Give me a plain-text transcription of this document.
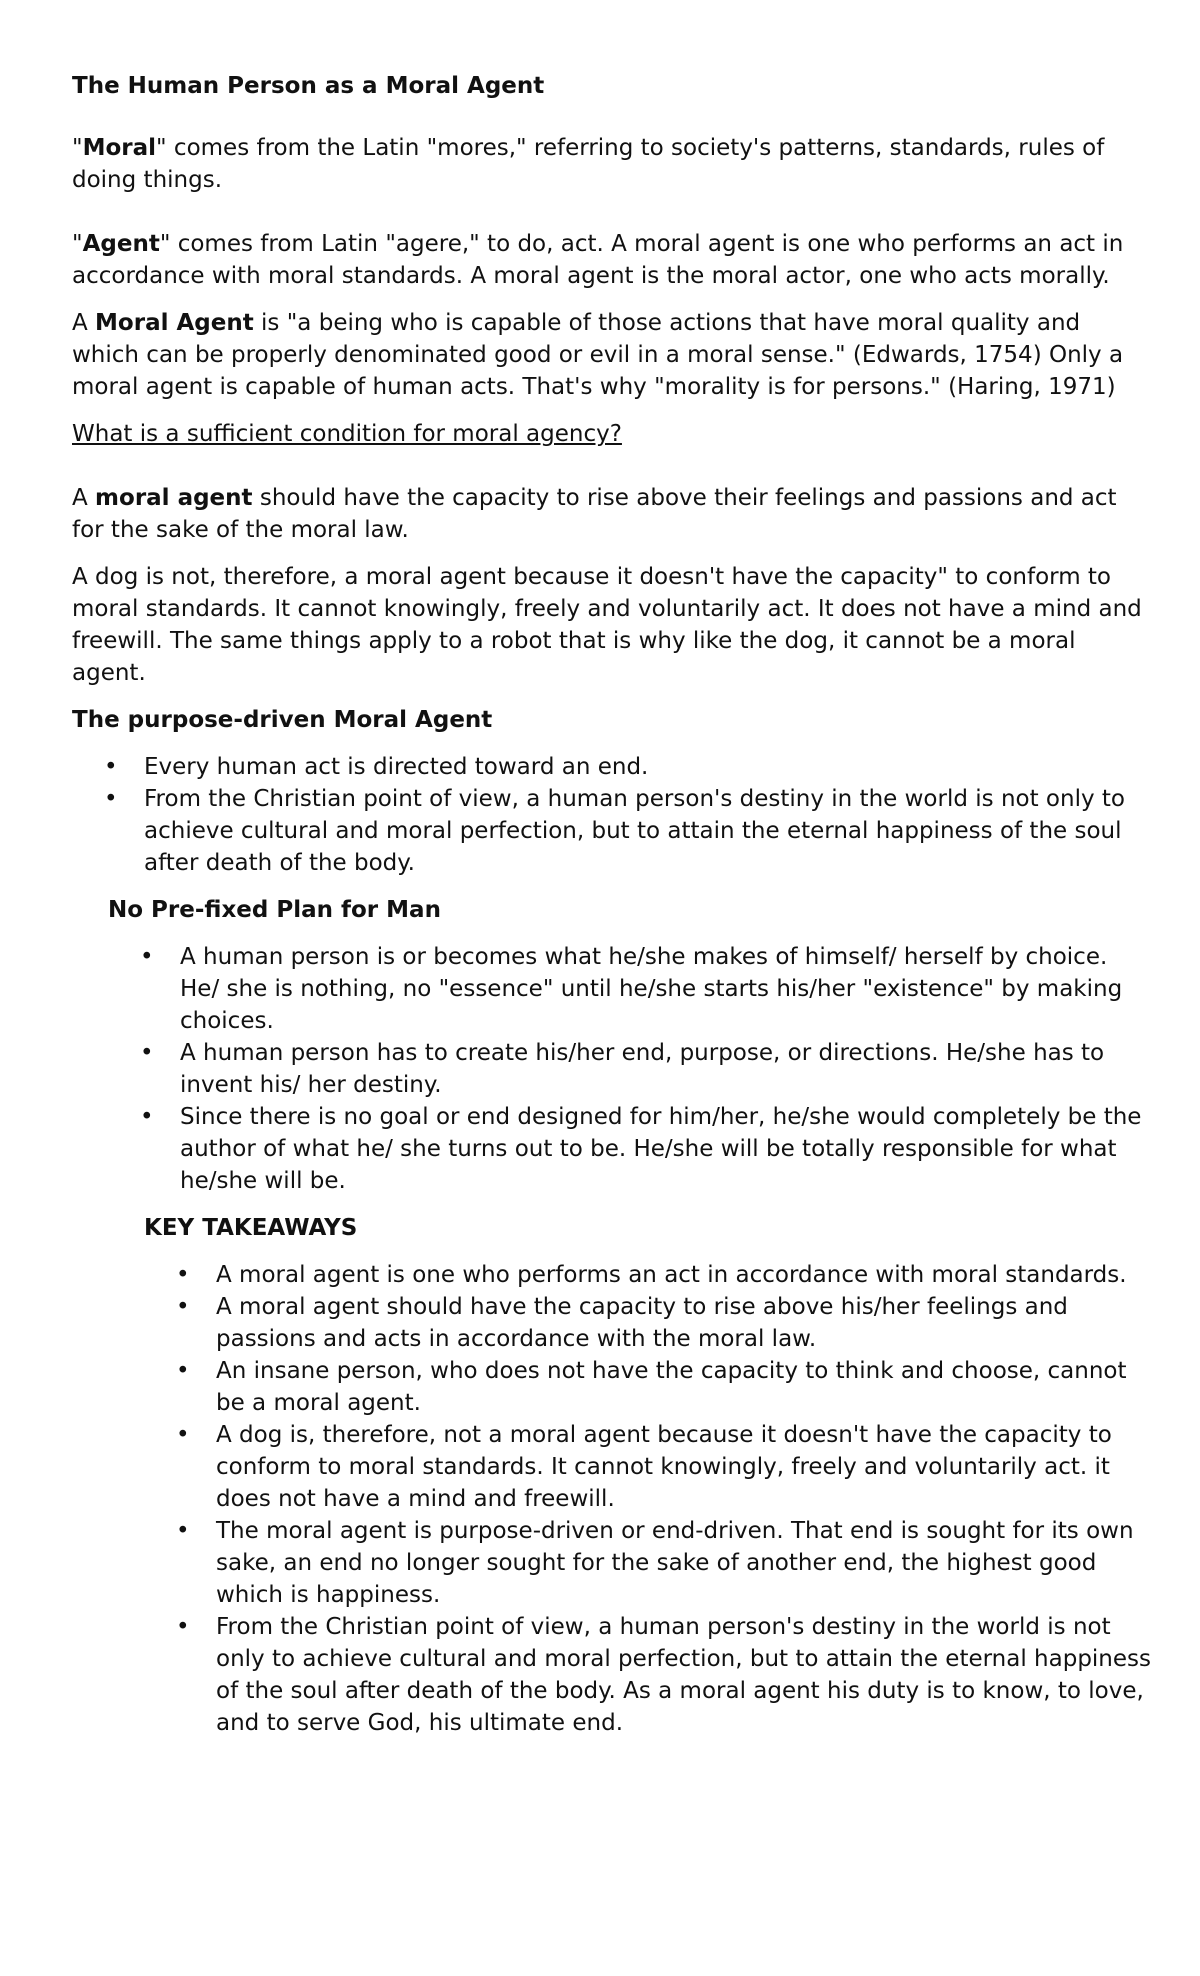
The Human Person as a Moral Agent

"Moral" comes from the Latin "mores," referring to society's patterns, standards, rules of doing things.

"Agent" comes from Latin "agere," to do, act. A moral agent is one who performs an act in accordance with moral standards. A moral agent is the moral actor, one who acts morally.

A Moral Agent is "a being who is capable of those actions that have moral quality and which can be properly denominated good or evil in a moral sense." (Edwards, 1754) Only a moral agent is capable of human acts. That's why "morality is for persons." (Haring, 1971)

What is a sufficient condition for moral agency?

A moral agent should have the capacity to rise above their feelings and passions and act for the sake of the moral law.

A dog is not, therefore, a moral agent because it doesn't have the capacity" to conform to moral standards. It cannot knowingly, freely and voluntarily act. It does not have a mind and freewill. The same things apply to a robot that is why like the dog, it cannot be a moral agent.

The purpose-driven Moral Agent

• Every human act is directed toward an end.
• From the Christian point of view, a human person's destiny in the world is not only to achieve cultural and moral perfection, but to attain the eternal happiness of the soul after death of the body.

No Pre-fixed Plan for Man

• A human person is or becomes what he/she makes of himself/ herself by choice. He/ she is nothing, no "essence" until he/she starts his/her "existence" by making choices.
• A human person has to create his/her end, purpose, or directions. He/she has to invent his/ her destiny.
• Since there is no goal or end designed for him/her, he/she would completely be the author of what he/ she turns out to be. He/she will be totally responsible for what he/she will be.

KEY TAKEAWAYS

• A moral agent is one who performs an act in accordance with moral standards.
• A moral agent should have the capacity to rise above his/her feelings and passions and acts in accordance with the moral law.
• An insane person, who does not have the capacity to think and choose, cannot be a moral agent.
• A dog is, therefore, not a moral agent because it doesn't have the capacity to conform to moral standards. It cannot knowingly, freely and voluntarily act. it does not have a mind and freewill.
• The moral agent is purpose-driven or end-driven. That end is sought for its own sake, an end no longer sought for the sake of another end, the highest good which is happiness.
• From the Christian point of view, a human person's destiny in the world is not only to achieve cultural and moral perfection, but to attain the eternal happiness of the soul after death of the body. As a moral agent his duty is to know, to love, and to serve God, his ultimate end.
